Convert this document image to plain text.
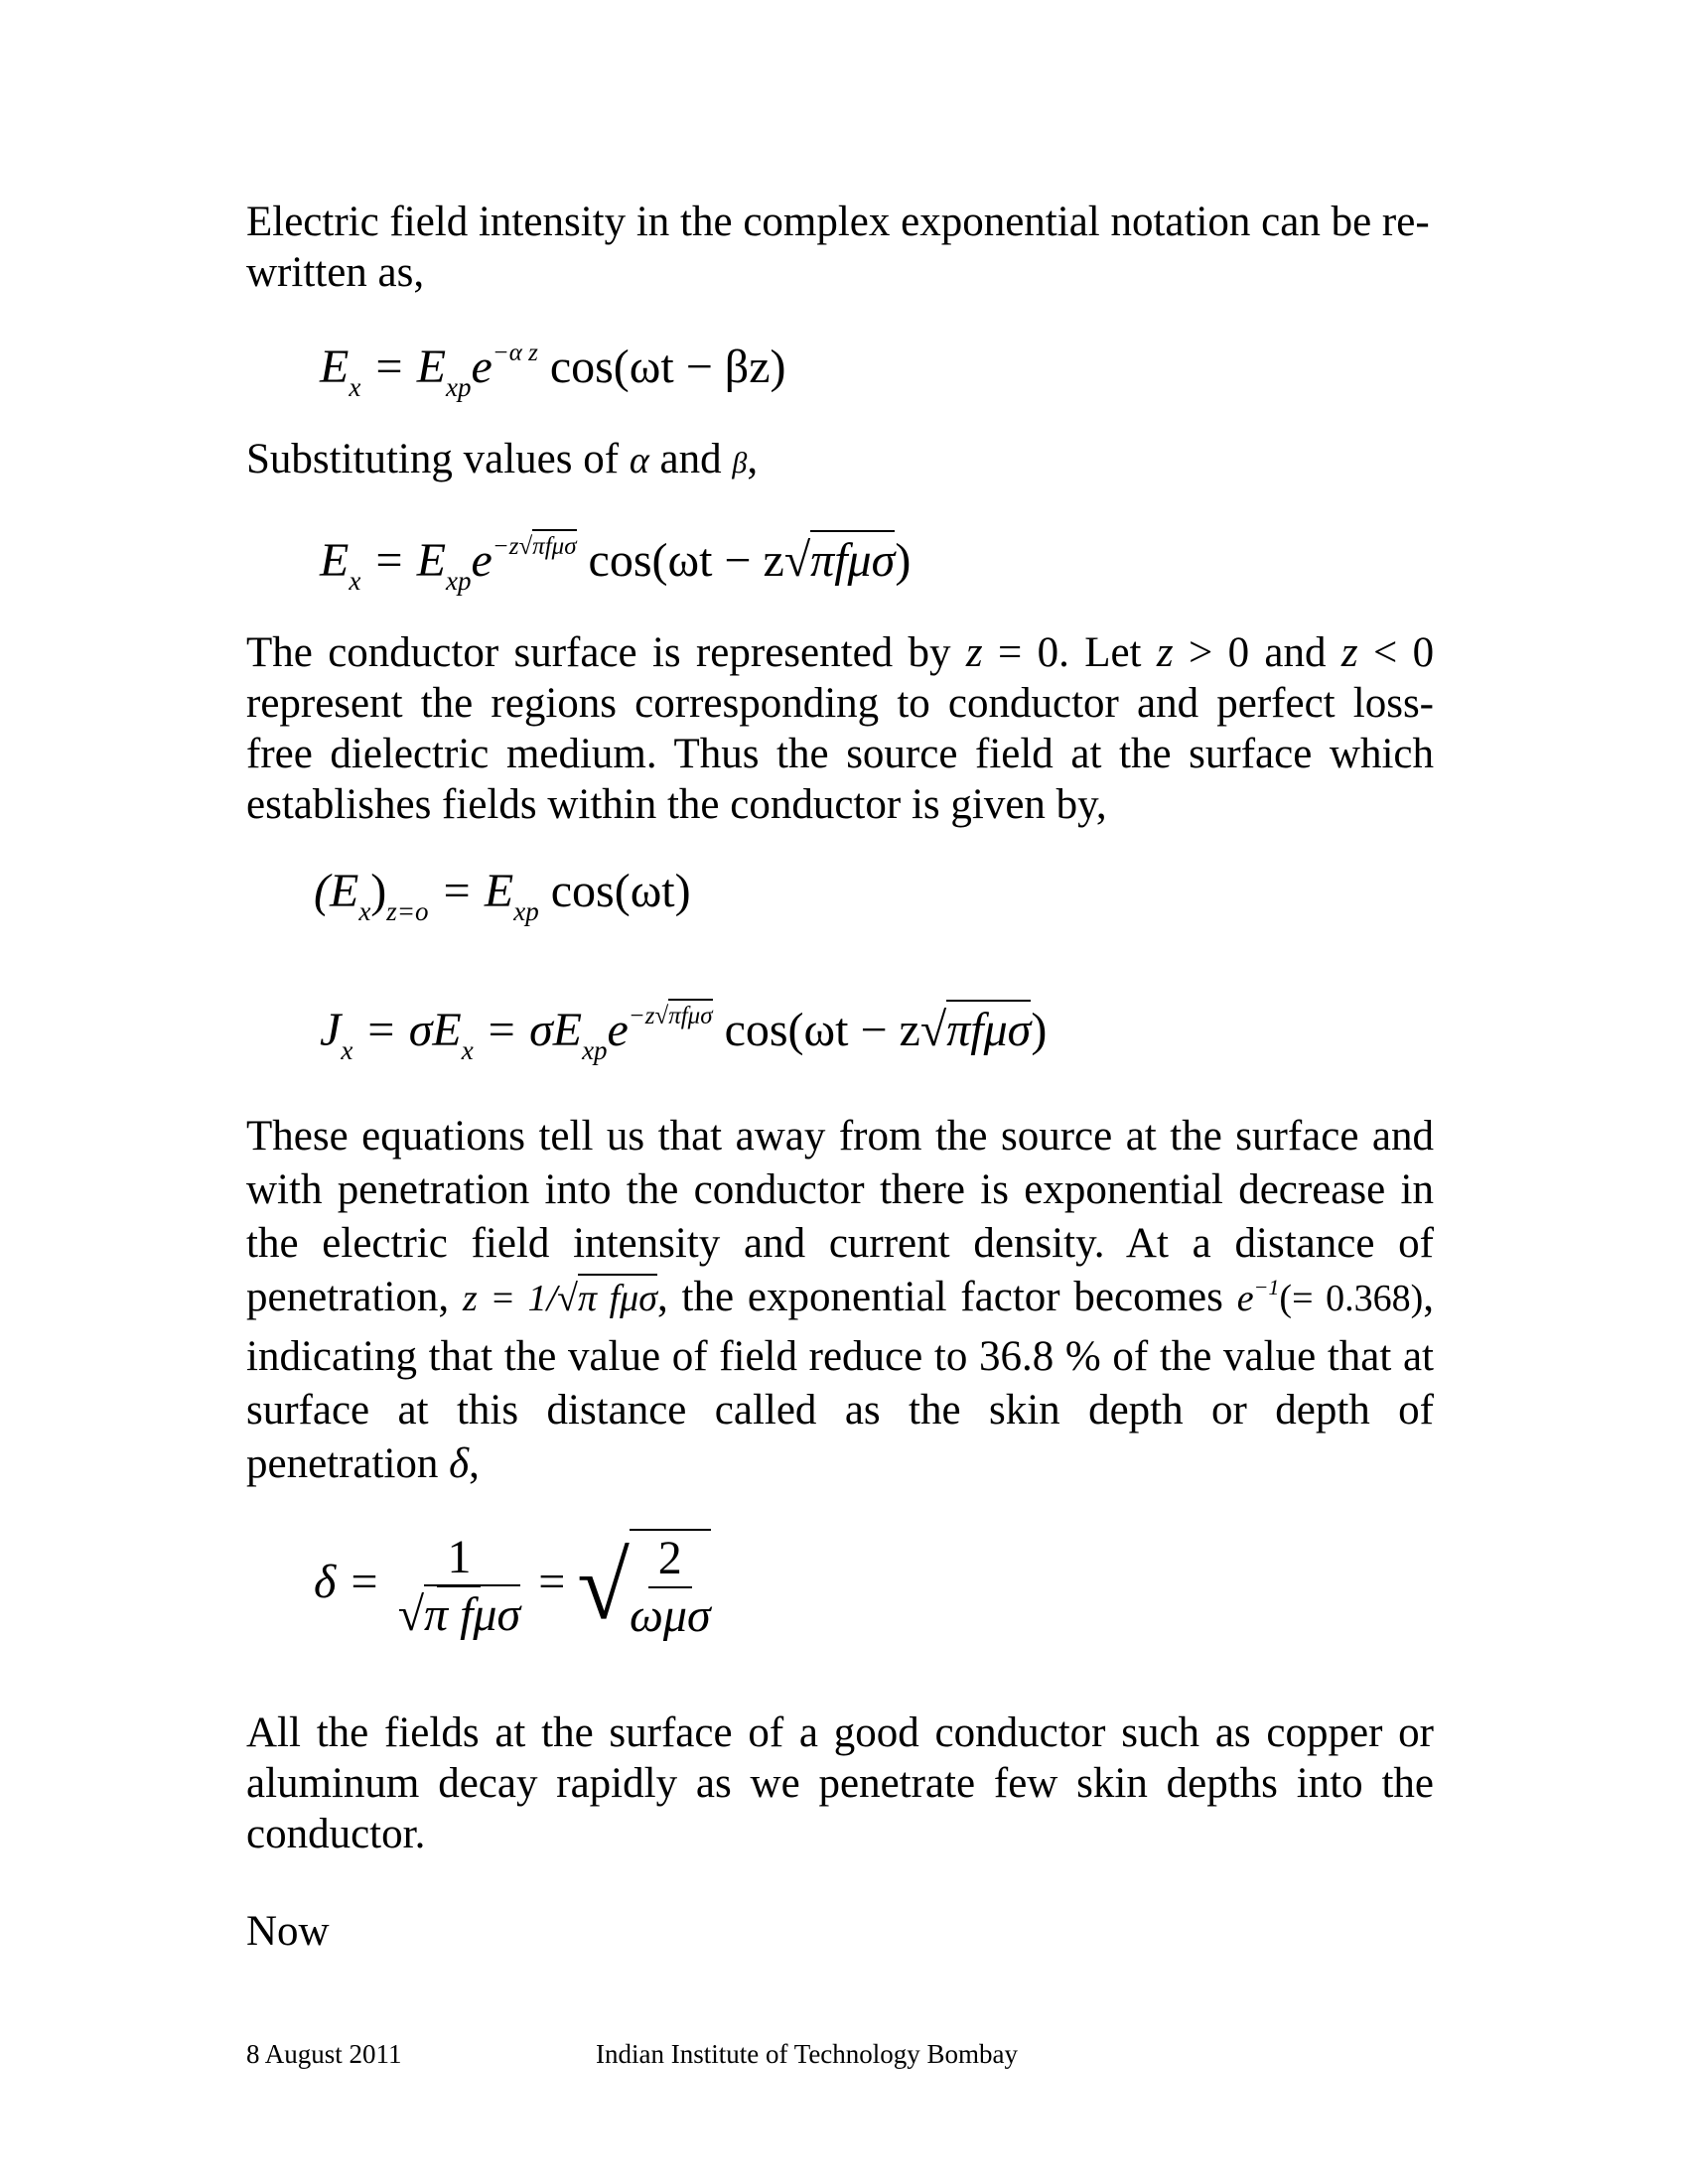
Electric field intensity in the complex exponential notation can be re-written as,
$E_x = E_{xp}e^{-\alpha z}$ cos(ωt − βz)
Substituting values of α and β,
$E_x = E_{xp}e^{-z√\pi f\mu\sigma}$ cos(ωt − z√πfμσ)
The conductor surface is represented by z = 0. Let z > 0 and z < 0 represent the regions corresponding to conductor and perfect loss-free dielectric medium. Thus the source field at the surface which establishes fields within the conductor is given by,
$(E_x)_{z=o} = E_{xp}$ cos(ωt)
$J_x = \sigma E_x = \sigma E_{xp}e^{-z√\pi f\mu\sigma}$ cos(ωt − z√πfμσ)
These equations tell us that away from the source at the surface and with penetration into the conductor there is exponential decrease in the electric field intensity and current density. At a distance of penetration, z = 1/√π fμσ, the exponential factor becomes $e^{-1}(= 0.368)$, indicating that the value of field reduce to 36.8 % of the value that at surface at this distance called as the skin depth or depth of penetration δ,
$\delta = \frac{1}{\text{√π fμσ}}$ = √ $\frac{2}{\text{ωμσ}}$
All the fields at the surface of a good conductor such as copper or aluminum decay rapidly as we penetrate few skin depths into the conductor.
Now
8 August 2011	Indian Institute of Technology Bombay
